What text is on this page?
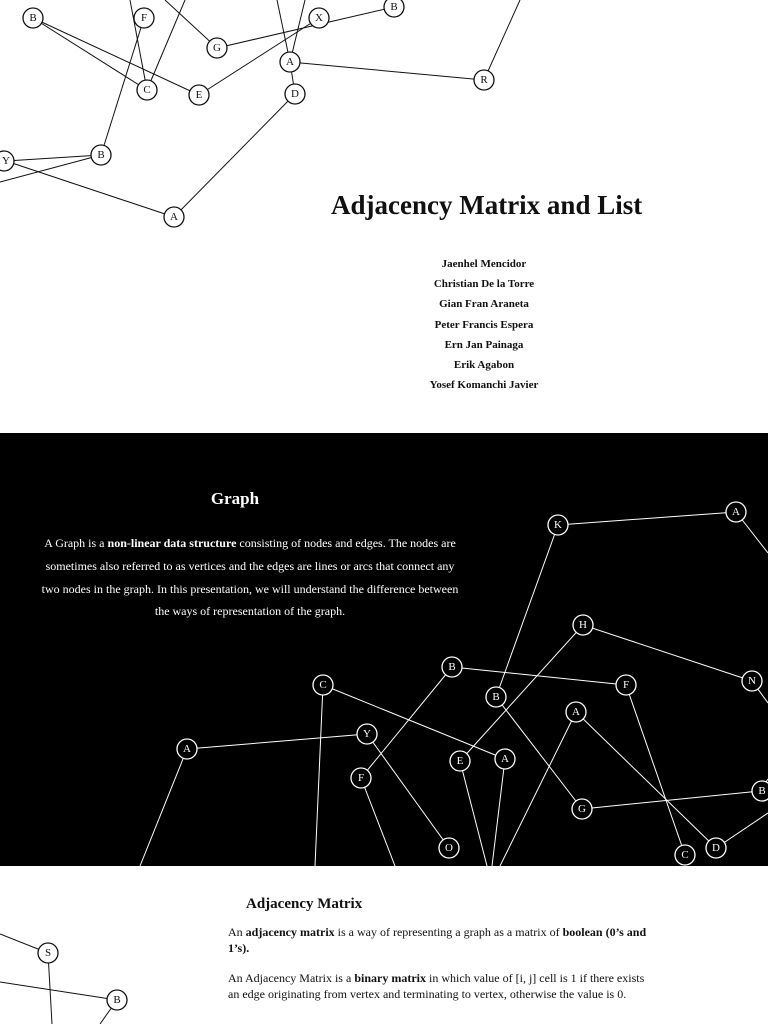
B	F
G
X
B
A
R
C	E	D
B
Y
A	Adjacency Matrix and List
Jaenhel Mencidor
Christian De la Torre
Gian Fran Araneta
Peter Francis Espera
Ern Jan Painaga
Erik Agabon
Yosef Komanchi Javier
K
A
H
B
F	N
C
B
A
Y
A
E	A
F
G
B
O	D
C
Graph
A Graph is a non-linear data structure consisting of nodes and edges. The nodes are sometimes also referred to as vertices and the edges are lines or arcs that connect any two nodes in the graph. In this presentation, we will understand the difference between the ways of representation of the graph.
S
B
Adjacency Matrix
An adjacency matrix is a way of representing a graph as a matrix of boolean (0’s and 1’s).
An Adjacency Matrix is a binary matrix in which value of [i, j] cell is 1 if there exists an edge originating from vertex and terminating to vertex, otherwise the value is 0.
